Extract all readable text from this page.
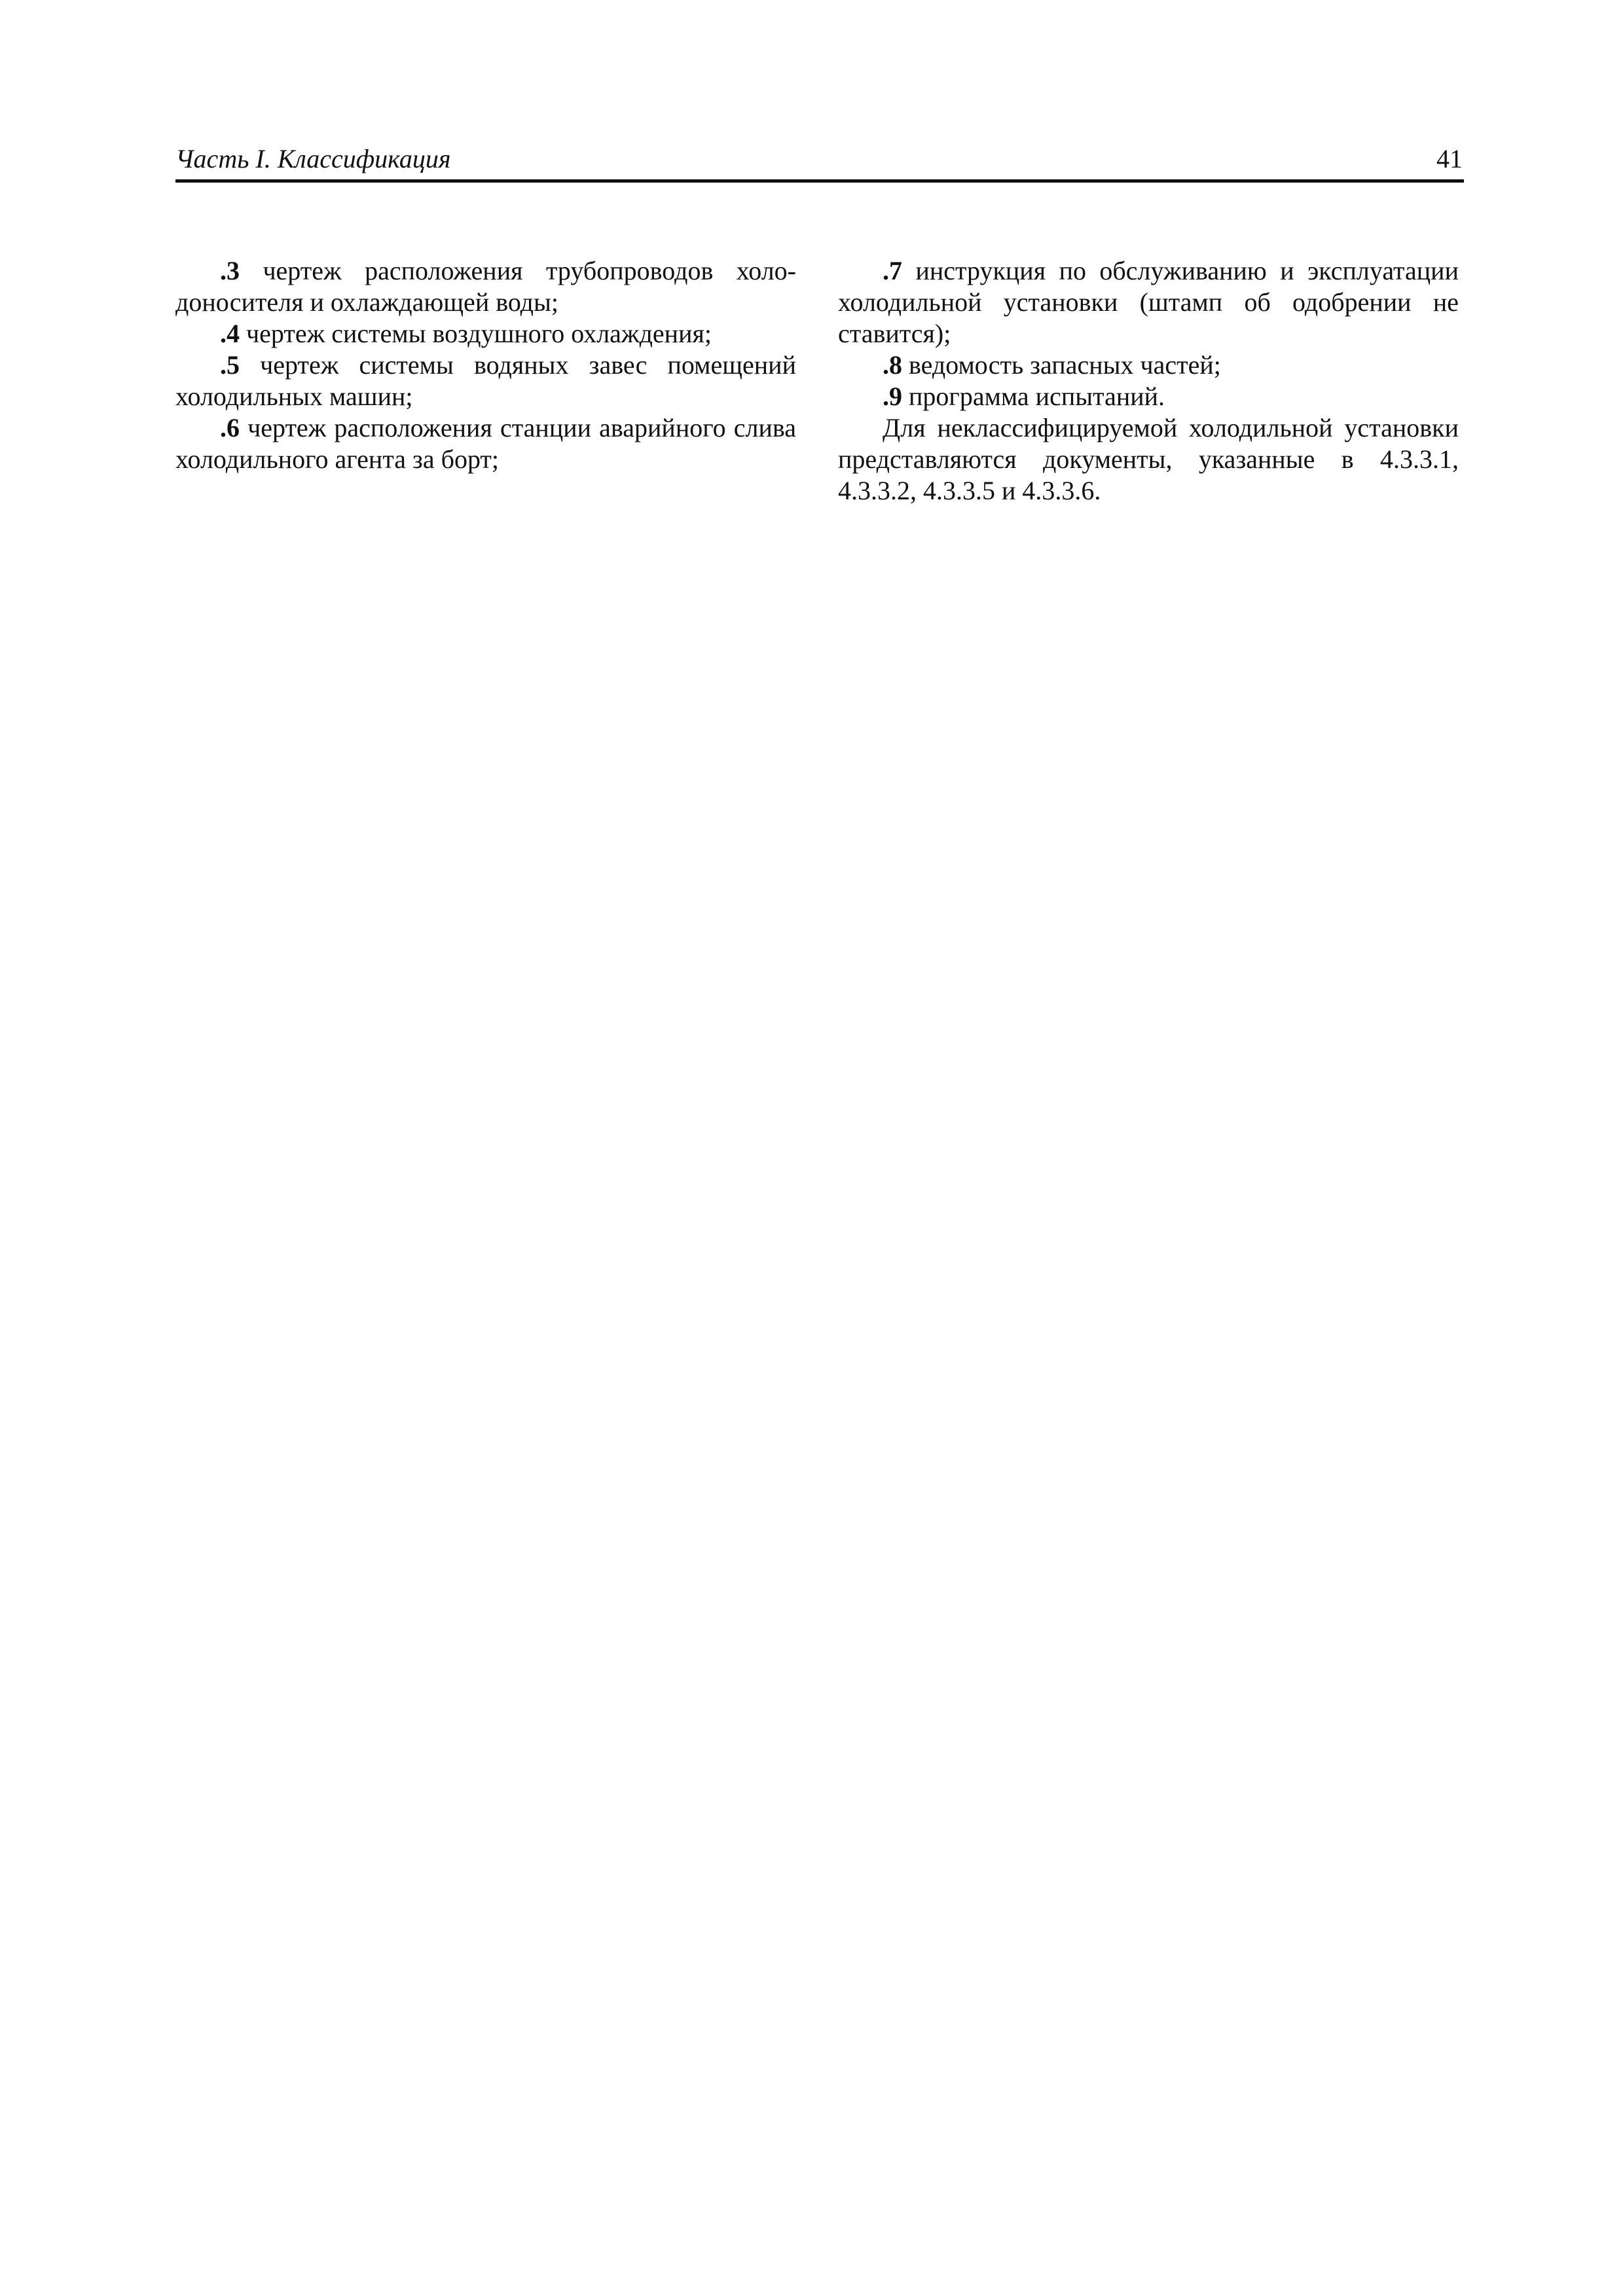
Часть I. Классификация	41

.3 чертеж расположения трубопроводов холодоносителя и охлаждающей воды;

.4 чертеж системы воздушного охлаждения;

.5 чертеж системы водяных завес помещений холодильных машин;

.6 чертеж расположения станции аварийного слива холодильного агента за борт;

.7 инструкция по обслуживанию и эксплуатации холодильной установки (штамп об одобрении не ставится);

.8 ведомость запасных частей;

.9 программа испытаний.

Для неклассифицируемой холодильной установки представляются документы, указанные в 4.3.3.1, 4.3.3.2, 4.3.3.5 и 4.3.3.6.
